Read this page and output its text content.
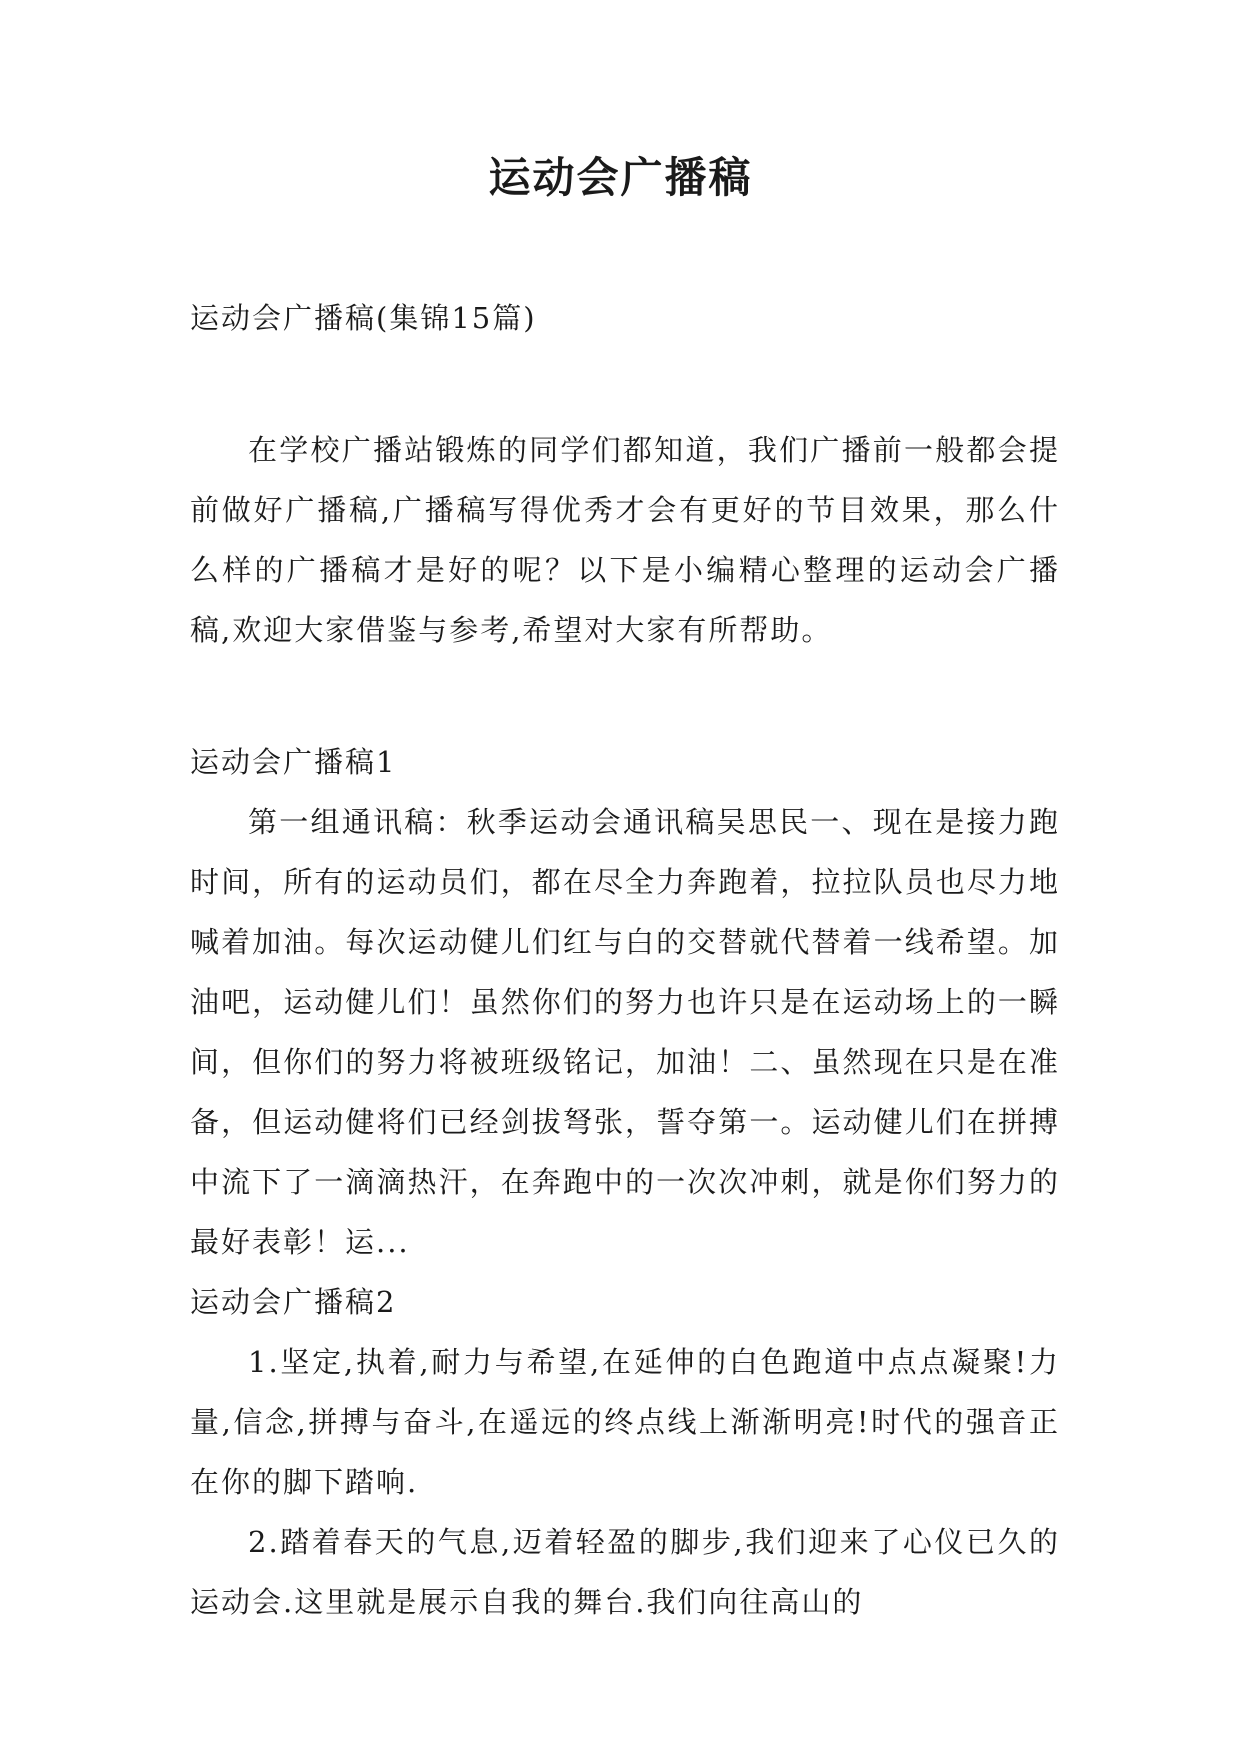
运动会广播稿

运动会广播稿(集锦15篇)

在学校广播站锻炼的同学们都知道，我们广播前一般都会提前做好广播稿,广播稿写得优秀才会有更好的节目效果，那么什么样的广播稿才是好的呢？以下是小编精心整理的运动会广播稿,欢迎大家借鉴与参考,希望对大家有所帮助。

运动会广播稿1

第一组通讯稿：秋季运动会通讯稿吴思民一、现在是接力跑时间，所有的运动员们，都在尽全力奔跑着，拉拉队员也尽力地喊着加油。每次运动健儿们红与白的交替就代替着一线希望。加油吧，运动健儿们！虽然你们的努力也许只是在运动场上的一瞬间，但你们的努力将被班级铭记，加油！二、虽然现在只是在准备，但运动健将们已经剑拔弩张，誓夺第一。运动健儿们在拼搏中流下了一滴滴热汗，在奔跑中的一次次冲刺，就是你们努力的最好表彰！运...

运动会广播稿2

1.坚定,执着,耐力与希望,在延伸的白色跑道中点点凝聚!力量,信念,拼搏与奋斗,在遥远的终点线上渐渐明亮!时代的强音正在你的脚下踏响.

2.踏着春天的气息,迈着轻盈的脚步,我们迎来了心仪已久的运动会.这里就是展示自我的舞台.我们向往高山的
